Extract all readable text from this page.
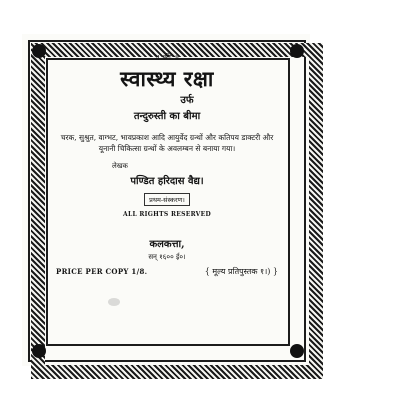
॥ श्रीः ॥
स्वास्थ्य रक्षा
उर्फ
तन्दुरुस्ती का बीमा
चरक, सुश्रुत, वाग्भट, भावप्रकाश आदि आयुर्वेद ग्रन्थों और कतिपय डाक्टरी और यूनानी चिकित्सा ग्रन्थों के अवलम्बन से बनाया गया।
लेखक
पण्डित हरिदास वैद्य।
प्रथम-संस्करण।
ALL RIGHTS RESERVED
कलकत्ता,
सन् १६०० ई०।
PRICE PER COPY 1/8.	{ मूल्य प्रतिपुस्तक १।) }
